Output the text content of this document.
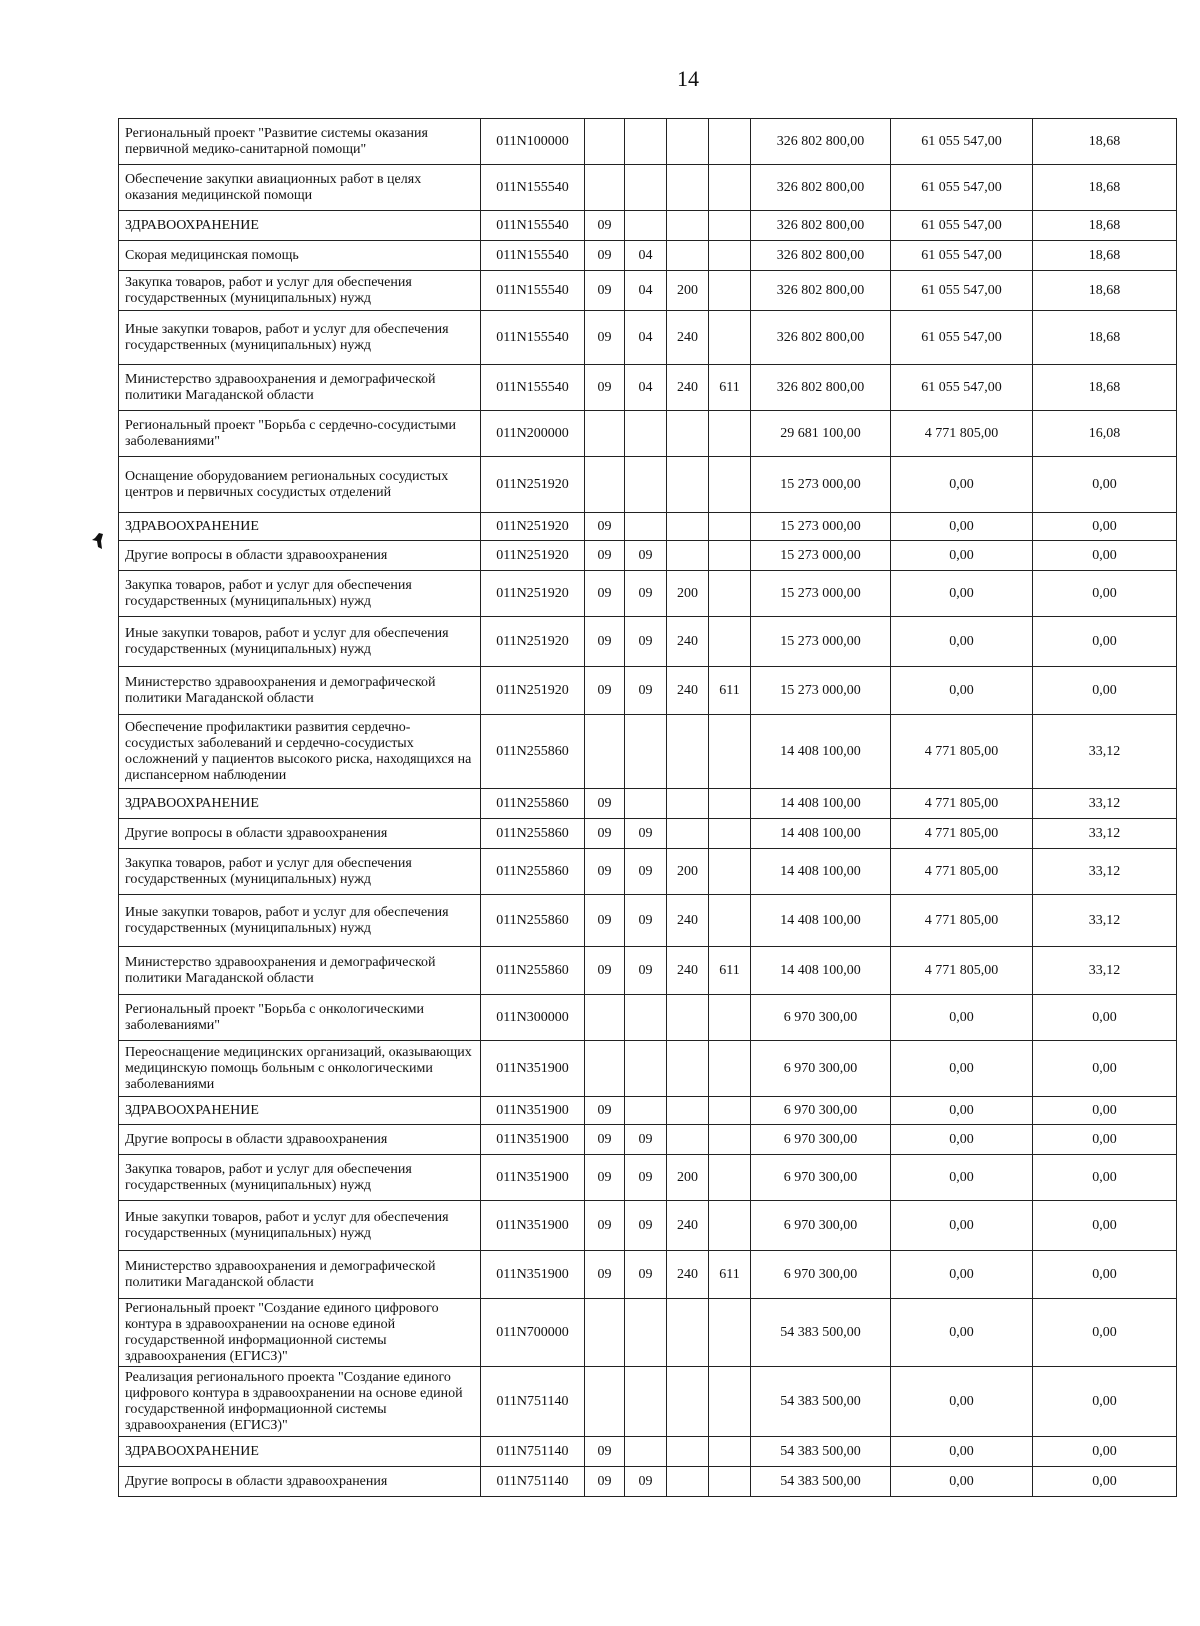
14
Региональный проект "Развитие системы оказания первичной медико-санитарной помощи"	011N100000					326 802 800,00	61 055 547,00	18,68
Обеспечение закупки авиационных работ в целях оказания медицинской помощи	011N155540					326 802 800,00	61 055 547,00	18,68
ЗДРАВООХРАНЕНИЕ	011N155540	09				326 802 800,00	61 055 547,00	18,68
Скорая медицинская помощь	011N155540	09	04			326 802 800,00	61 055 547,00	18,68
Закупка товаров, работ и услуг для обеспечения государственных (муниципальных) нужд	011N155540	09	04	200		326 802 800,00	61 055 547,00	18,68
Иные закупки товаров, работ и услуг для обеспечения государственных (муниципальных) нужд	011N155540	09	04	240		326 802 800,00	61 055 547,00	18,68
Министерство здравоохранения и демографической политики Магаданской области	011N155540	09	04	240	611	326 802 800,00	61 055 547,00	18,68
Региональный проект "Борьба с сердечно-сосудистыми заболеваниями"	011N200000					29 681 100,00	4 771 805,00	16,08
Оснащение оборудованием региональных сосудистых центров и первичных сосудистых отделений	011N251920					15 273 000,00	0,00	0,00
ЗДРАВООХРАНЕНИЕ	011N251920	09				15 273 000,00	0,00	0,00
Другие вопросы в области здравоохранения	011N251920	09	09			15 273 000,00	0,00	0,00
Закупка товаров, работ и услуг для обеспечения государственных (муниципальных) нужд	011N251920	09	09	200		15 273 000,00	0,00	0,00
Иные закупки товаров, работ и услуг для обеспечения государственных (муниципальных) нужд	011N251920	09	09	240		15 273 000,00	0,00	0,00
Министерство здравоохранения и демографической политики Магаданской области	011N251920	09	09	240	611	15 273 000,00	0,00	0,00
Обеспечение профилактики развития сердечно-сосудистых заболеваний и сердечно-сосудистых осложнений у пациентов высокого риска, находящихся на диспансерном наблюдении	011N255860					14 408 100,00	4 771 805,00	33,12
ЗДРАВООХРАНЕНИЕ	011N255860	09				14 408 100,00	4 771 805,00	33,12
Другие вопросы в области здравоохранения	011N255860	09	09			14 408 100,00	4 771 805,00	33,12
Закупка товаров, работ и услуг для обеспечения государственных (муниципальных) нужд	011N255860	09	09	200		14 408 100,00	4 771 805,00	33,12
Иные закупки товаров, работ и услуг для обеспечения государственных (муниципальных) нужд	011N255860	09	09	240		14 408 100,00	4 771 805,00	33,12
Министерство здравоохранения и демографической политики Магаданской области	011N255860	09	09	240	611	14 408 100,00	4 771 805,00	33,12
Региональный проект "Борьба с онкологическими заболеваниями"	011N300000					6 970 300,00	0,00	0,00
Переоснащение медицинских организаций, оказывающих медицинскую помощь больным с онкологическими заболеваниями	011N351900					6 970 300,00	0,00	0,00
ЗДРАВООХРАНЕНИЕ	011N351900	09				6 970 300,00	0,00	0,00
Другие вопросы в области здравоохранения	011N351900	09	09			6 970 300,00	0,00	0,00
Закупка товаров, работ и услуг для обеспечения государственных (муниципальных) нужд	011N351900	09	09	200		6 970 300,00	0,00	0,00
Иные закупки товаров, работ и услуг для обеспечения государственных (муниципальных) нужд	011N351900	09	09	240		6 970 300,00	0,00	0,00
Министерство здравоохранения и демографической политики Магаданской области	011N351900	09	09	240	611	6 970 300,00	0,00	0,00
Региональный проект "Создание единого цифрового контура в здравоохранении на основе единой государственной информационной системы здравоохранения (ЕГИСЗ)"	011N700000					54 383 500,00	0,00	0,00
Реализация регионального проекта "Создание единого цифрового контура в здравоохранении на основе единой государственной информационной системы здравоохранения (ЕГИСЗ)"	011N751140					54 383 500,00	0,00	0,00
ЗДРАВООХРАНЕНИЕ	011N751140	09				54 383 500,00	0,00	0,00
Другие вопросы в области здравоохранения	011N751140	09	09			54 383 500,00	0,00	0,00
